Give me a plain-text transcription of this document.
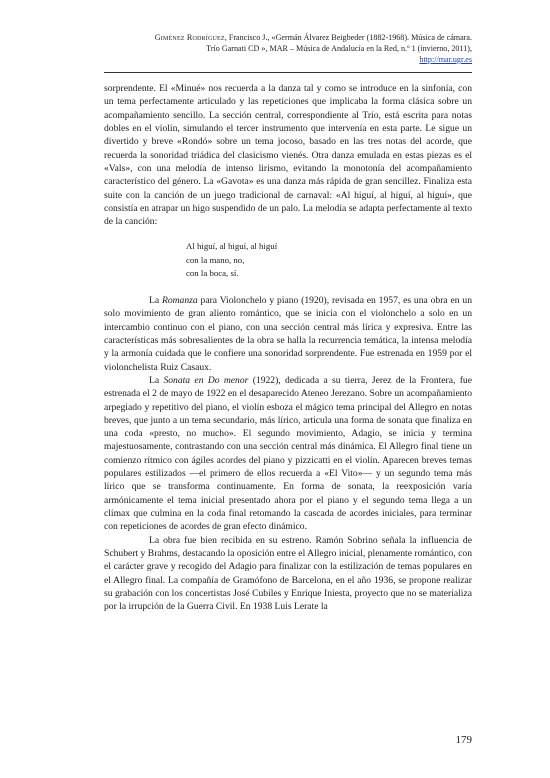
Giménez Rodríguez, Francisco J., «Germán Álvarez Beigbeder (1882-1968). Música de cámara.
Trío Garnati CD », MAR – Música de Andalucía en la Red, n.º 1 (invierno, 2011),
http://mar.ugr.es

sorprendente. El «Minué» nos recuerda a la danza tal y como se introduce en la sinfonía, con un tema perfectamente articulado y las repeticiones que implicaba la forma clásica sobre un acompañamiento sencillo. La sección central, correspondiente al Trío, está escrita para notas dobles en el violín, simulando el tercer instrumento que intervenía en esta parte. Le sigue un divertido y breve «Rondó» sobre un tema jocoso, basado en las tres notas del acorde, que recuerda la sonoridad triádica del clasicismo vienés. Otra danza emulada en estas piezas es el «Vals», con una melodía de intenso lirismo, evitando la monotonía del acompañamiento característico del género. La «Gavota» es una danza más rápida de gran sencillez. Finaliza esta suite con la canción de un juego tradicional de carnaval: «Al higuí, al higuí, al higuí», que consistía en atrapar un higo suspendido de un palo. La melodía se adapta perfectamente al texto de la canción:

Al higuí, al higuí, al higuí
con la mano, no,
con la boca, sí.

La Romanza para Violonchelo y piano (1920), revisada en 1957, es una obra en un solo movimiento de gran aliento romántico, que se inicia con el violonchelo a solo en un intercambio continuo con el piano, con una sección central más lírica y expresiva. Entre las características más sobresalientes de la obra se halla la recurrencia temática, la intensa melodía y la armonía cuidada que le confiere una sonoridad sorprendente. Fue estrenada en 1959 por el violonchelista Ruiz Casaux.

La Sonata en Do menor (1922), dedicada a su tierra, Jerez de la Frontera, fue estrenada el 2 de mayo de 1922 en el desaparecido Ateneo Jerezano. Sobre un acompañamiento arpegiado y repetitivo del piano, el violín esboza el mágico tema principal del Allegro en notas breves, que junto a un tema secundario, más lírico, articula una forma de sonata que finaliza en una coda «presto, no mucho». El segundo movimiento, Adagio, se inicia y termina majestuosamente, contrastando con una sección central más dinámica. El Allegro final tiene un comienzo rítmico con ágiles acordes del piano y pizzicatti en el violín. Aparecen breves temas populares estilizados —el primero de ellos recuerda a «El Vito»— y un segundo tema más lírico que se transforma continuamente. En forma de sonata, la reexposición varía armónicamente el tema inicial presentado ahora por el piano y el segundo tema llega a un clímax que culmina en la coda final retomando la cascada de acordes iniciales, para terminar con repeticiones de acordes de gran efecto dinámico.

La obra fue bien recibida en su estreno. Ramón Sobrino señala la influencia de Schubert y Brahms, destacando la oposición entre el Allegro inicial, plenamente romántico, con el carácter grave y recogido del Adagio para finalizar con la estilización de temas populares en el Allegro final. La compañía de Gramófono de Barcelona, en el año 1936, se propone realizar su grabación con los concertistas José Cubiles y Enrique Iniesta, proyecto que no se materializa por la irrupción de la Guerra Civil. En 1938 Luis Lerate la

179
